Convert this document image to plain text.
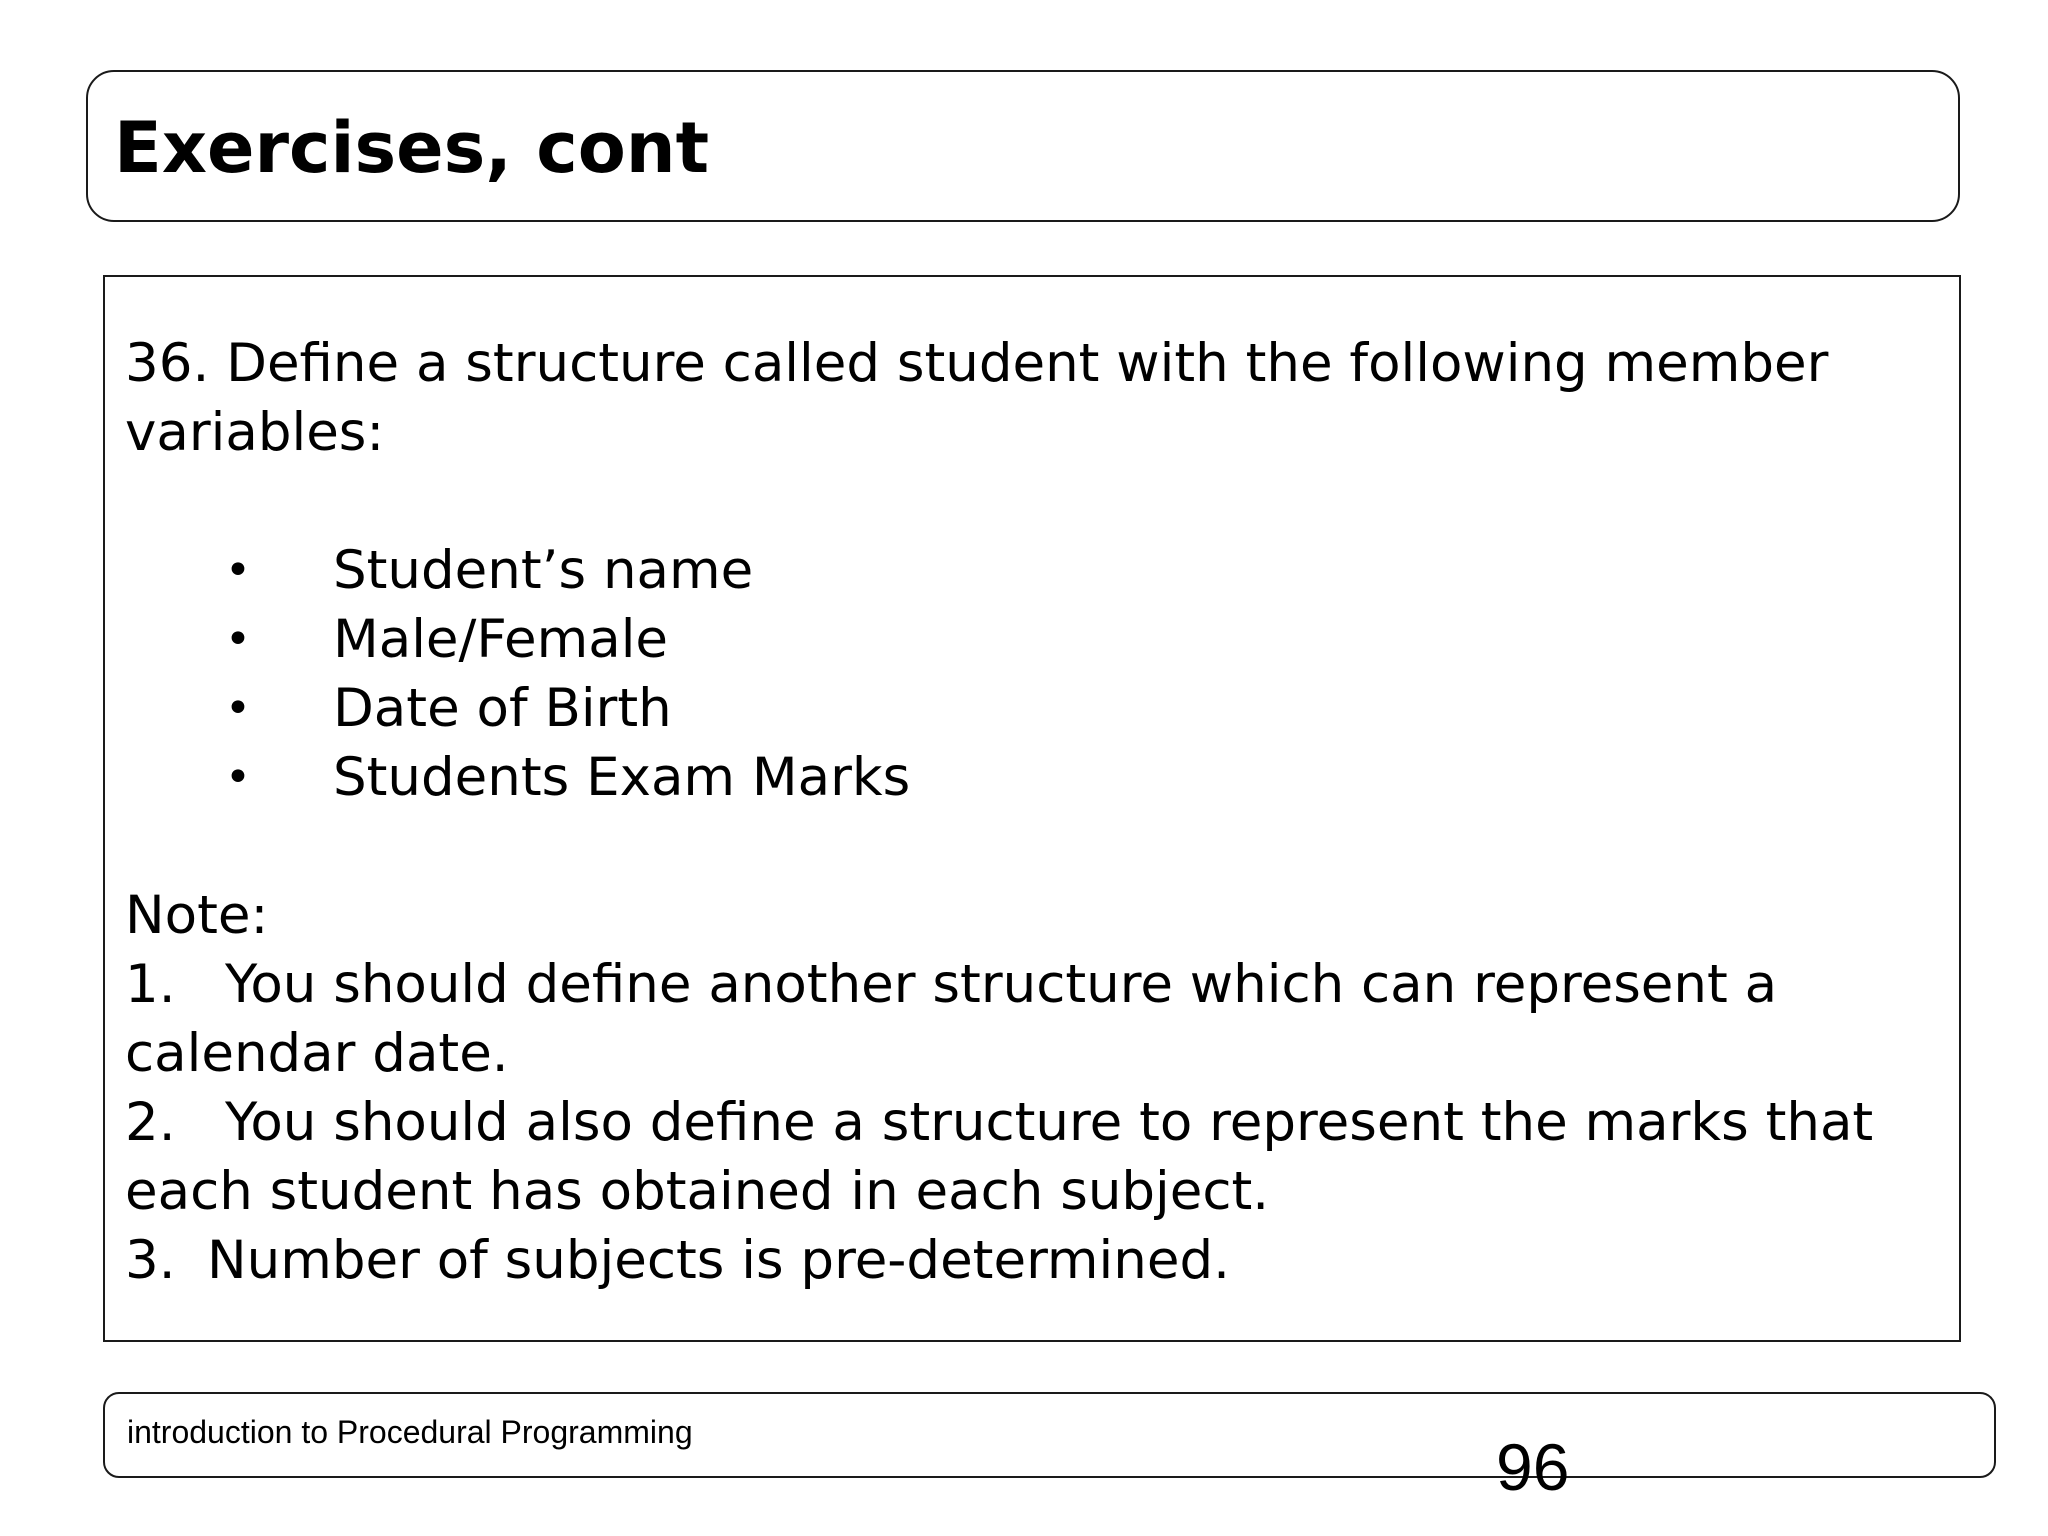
Exercises, cont

36. Define a structure called student with the following member

variables:

• Student’s name
• Male/Female
• Date of Birth
• Students Exam Marks

Note:

1. You should define another structure which can represent a

calendar date.

2. You should also define a structure to represent the marks that

each student has obtained in each subject.

3. Number of subjects is pre-determined.

introduction to Procedural Programming	96
